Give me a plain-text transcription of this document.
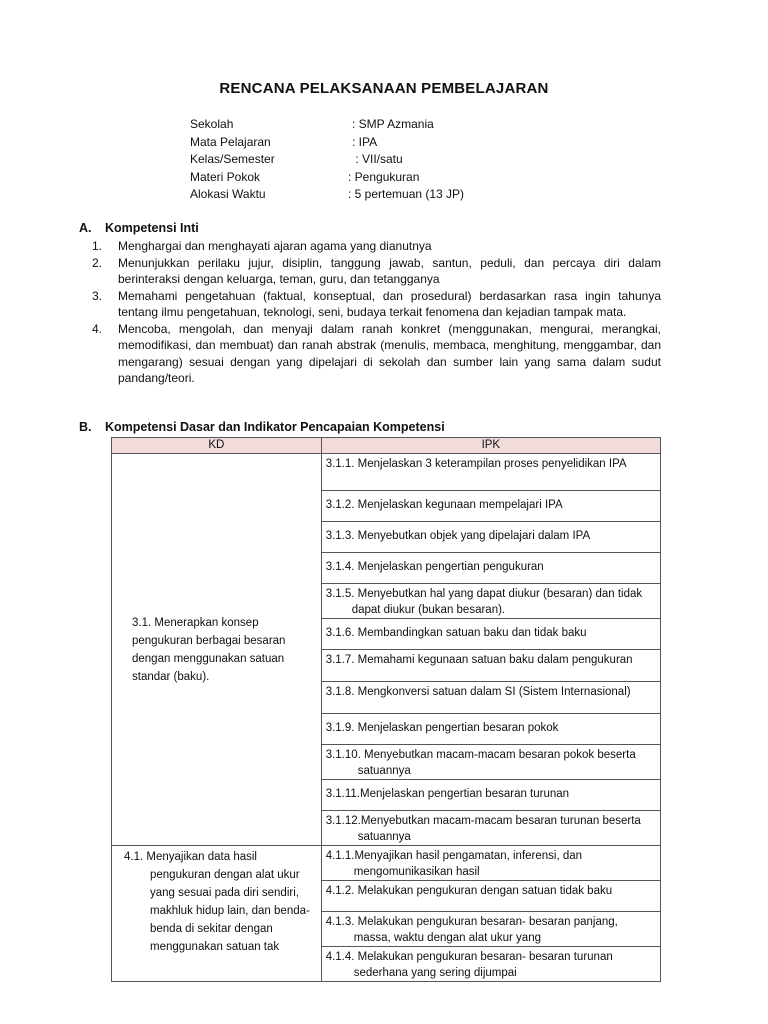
RENCANA PELAKSANAAN PEMBELAJARAN
Sekolah	: SMP Azmania
Mata Pelajaran	: IPA
Kelas/Semester	: VII/satu
Materi Pokok	: Pengukuran
Alokasi Waktu	: 5 pertemuan (13 JP)
A. Kompetensi Inti
1.	Menghargai dan menghayati ajaran agama yang dianutnya
2.	Menunjukkan perilaku jujur, disiplin, tanggung jawab, santun, peduli, dan percaya diri dalam berinteraksi dengan keluarga, teman, guru, dan tetangganya
3.	Memahami pengetahuan (faktual, konseptual, dan prosedural) berdasarkan rasa ingin tahunya tentang ilmu pengetahuan, teknologi, seni, budaya terkait fenomena dan kejadian tampak mata.
4.	Mencoba, mengolah, dan menyaji dalam ranah konkret (menggunakan, mengurai, merangkai, memodifikasi, dan membuat) dan ranah abstrak (menulis, membaca, menghitung, menggambar, dan mengarang) sesuai dengan yang dipelajari di sekolah dan sumber lain yang sama dalam sudut pandang/teori.
B. Kompetensi Dasar dan Indikator Pencapaian Kompetensi
KD	IPK

3.1. Menerapkan konsep pengukuran berbagai besaran dengan menggunakan satuan standar (baku).	3.1.1. Menjelaskan 3 keterampilan proses penyelidikan IPA

	3.1.2. Menjelaskan kegunaan mempelajari IPA

	3.1.3. Menyebutkan objek yang dipelajari dalam IPA

	3.1.4. Menjelaskan pengertian pengukuran

	3.1.5. Menyebutkan hal yang dapat diukur (besaran) dan tidak dapat diukur (bukan besaran).

	3.1.6. Membandingkan satuan baku dan tidak baku

	3.1.7. Memahami kegunaan satuan baku dalam pengukuran

	3.1.8. Mengkonversi satuan dalam SI (Sistem Internasional)

	3.1.9. Menjelaskan pengertian besaran pokok

	3.1.10. Menyebutkan macam-macam besaran pokok beserta satuannya

	3.1.11.Menjelaskan pengertian besaran turunan

	3.1.12.Menyebutkan macam-macam besaran turunan beserta satuannya

4.1. Menyajikan data hasil pengukuran dengan alat ukur yang sesuai pada diri sendiri, makhluk hidup lain, dan benda-benda di sekitar dengan menggunakan satuan tak	4.1.1.Menyajikan hasil pengamatan, inferensi, dan mengomunikasikan hasil

	4.1.2. Melakukan pengukuran dengan satuan tidak baku

	4.1.3. Melakukan pengukuran besaran- besaran panjang, massa, waktu dengan alat ukur yang

	4.1.4. Melakukan pengukuran besaran- besaran turunan sederhana yang sering dijumpai
